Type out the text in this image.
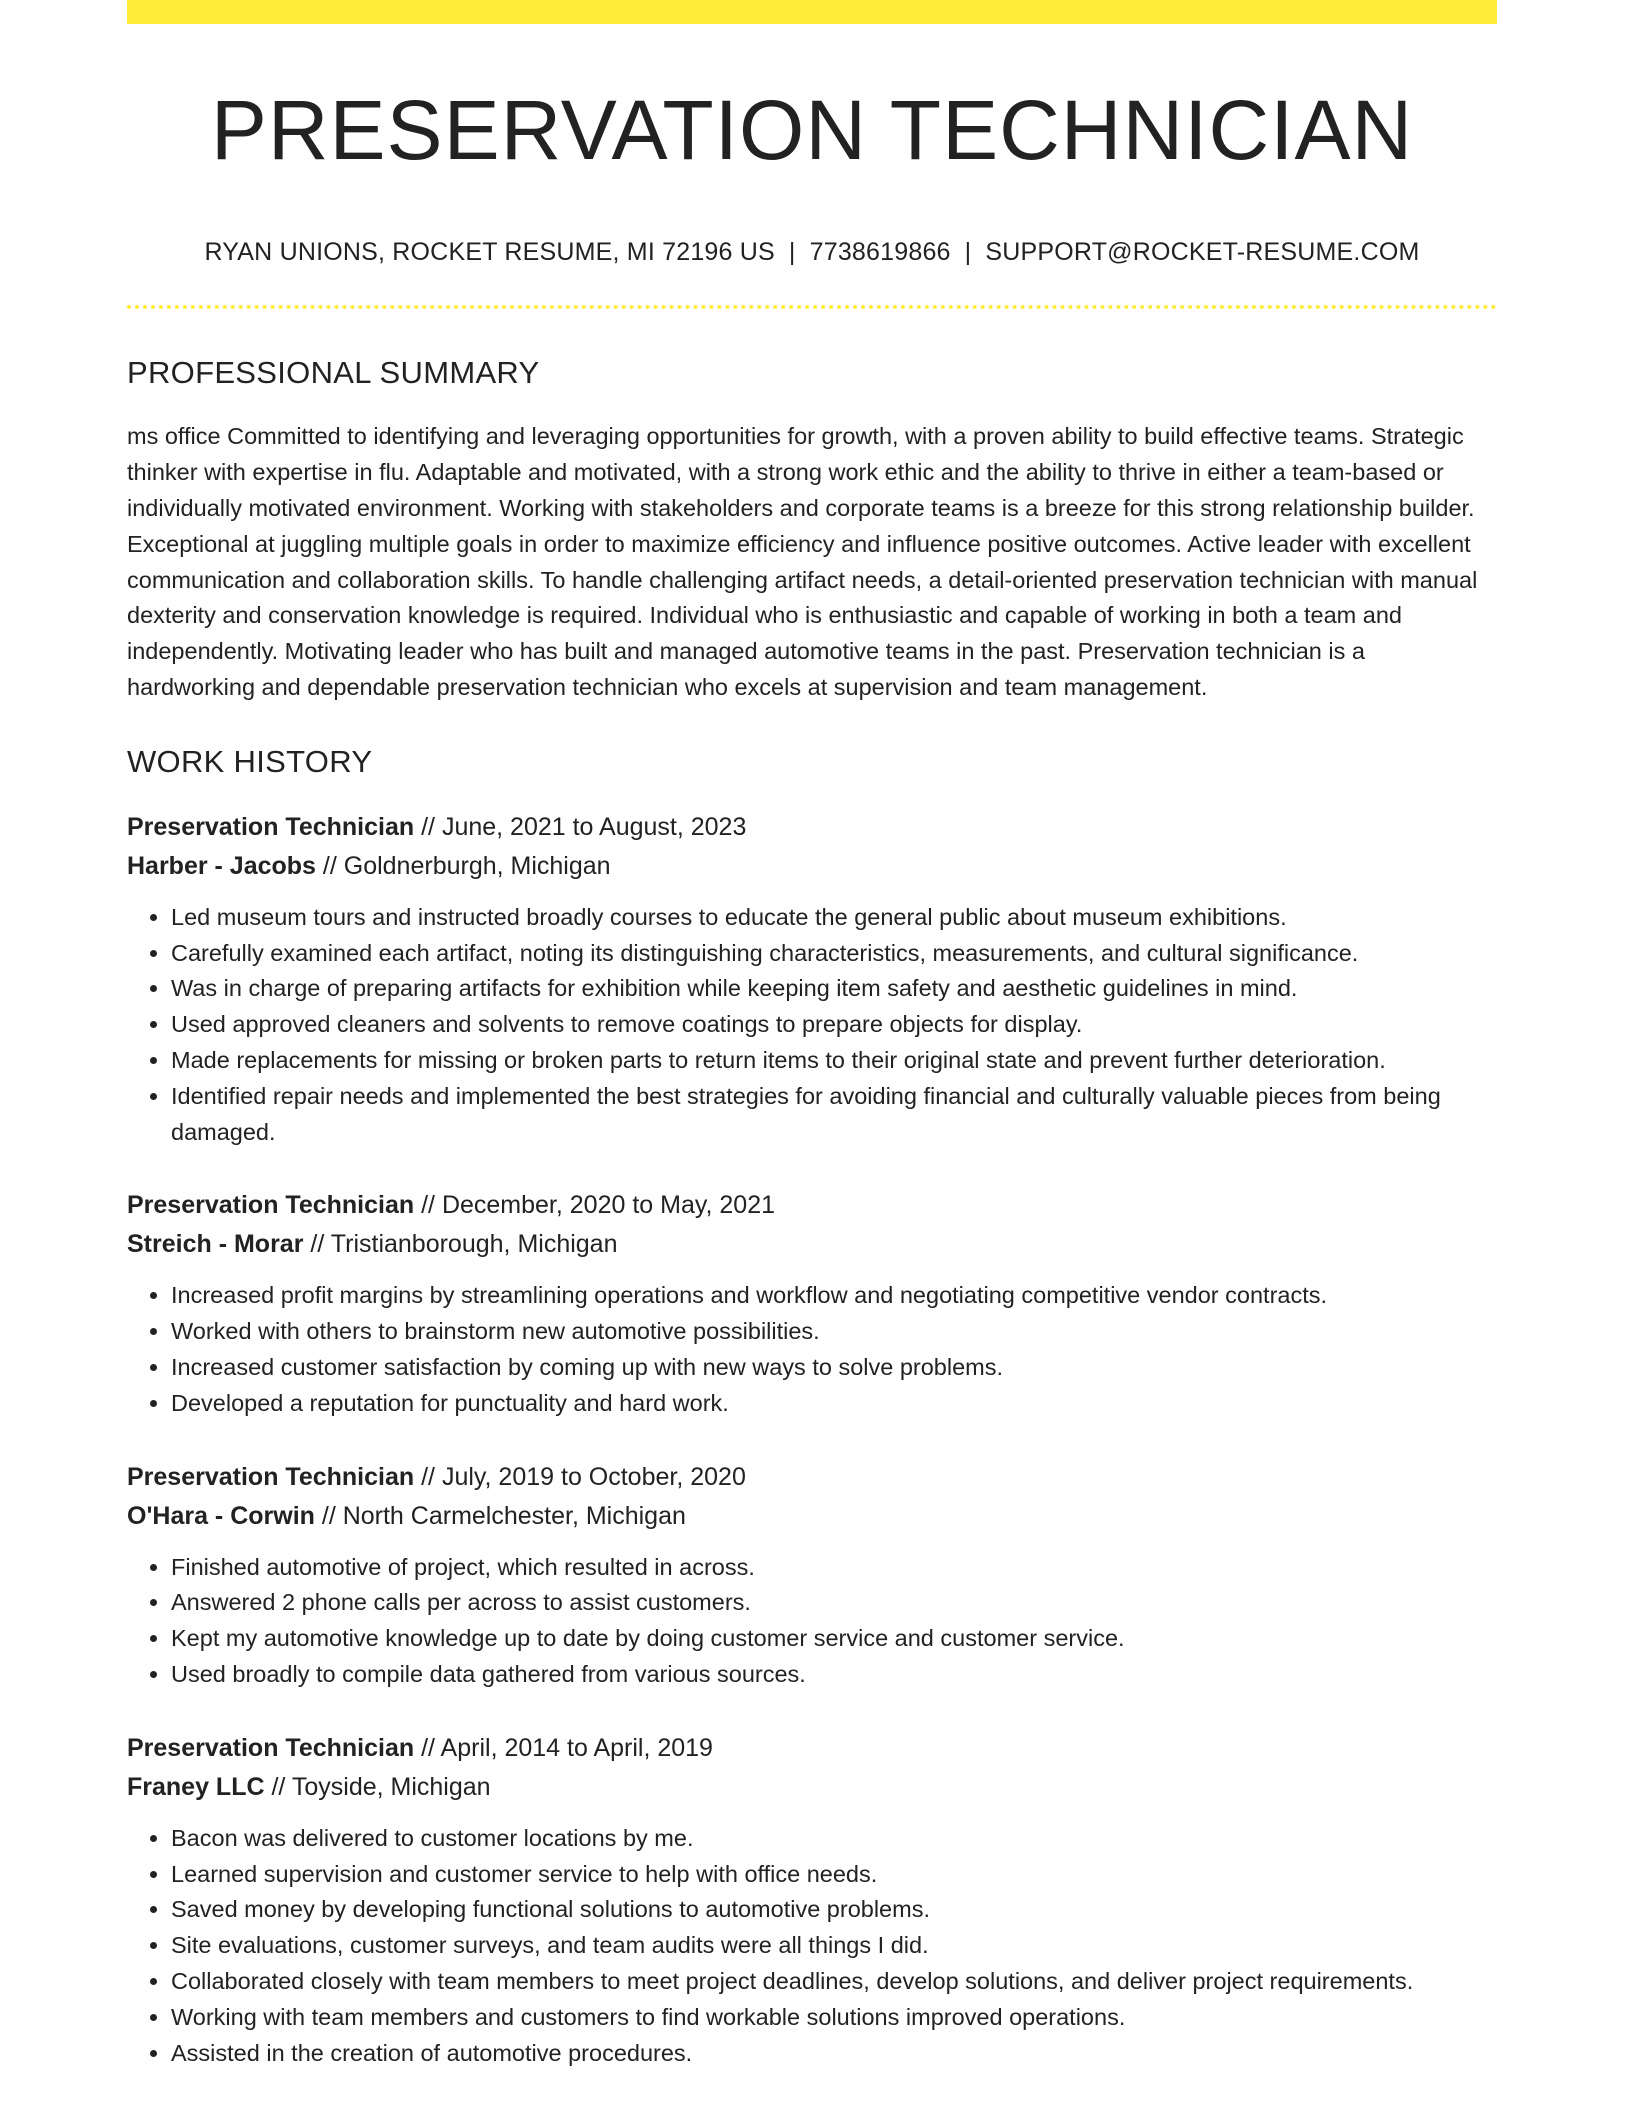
PRESERVATION TECHNICIAN
RYAN UNIONS, ROCKET RESUME, MI 72196 US | 7738619866 | SUPPORT@ROCKET-RESUME.COM
PROFESSIONAL SUMMARY

ms office Committed to identifying and leveraging opportunities for growth, with a proven ability to build effective teams. Strategic thinker with expertise in flu. Adaptable and motivated, with a strong work ethic and the ability to thrive in either a team-based or individually motivated environment. Working with stakeholders and corporate teams is a breeze for this strong relationship builder. Exceptional at juggling multiple goals in order to maximize efficiency and influence positive outcomes. Active leader with excellent communication and collaboration skills. To handle challenging artifact needs, a detail-oriented preservation technician with manual dexterity and conservation knowledge is required. Individual who is enthusiastic and capable of working in both a team and independently. Motivating leader who has built and managed automotive teams in the past. Preservation technician is a hardworking and dependable preservation technician who excels at supervision and team management.

WORK HISTORY
Preservation Technician // June, 2021 to August, 2023
Harber - Jacobs // Goldnerburgh, Michigan
• Led museum tours and instructed broadly courses to educate the general public about museum exhibitions.
• Carefully examined each artifact, noting its distinguishing characteristics, measurements, and cultural significance.
• Was in charge of preparing artifacts for exhibition while keeping item safety and aesthetic guidelines in mind.
• Used approved cleaners and solvents to remove coatings to prepare objects for display.
• Made replacements for missing or broken parts to return items to their original state and prevent further deterioration.
• Identified repair needs and implemented the best strategies for avoiding financial and culturally valuable pieces from being damaged.
Preservation Technician // December, 2020 to May, 2021
Streich - Morar // Tristianborough, Michigan
• Increased profit margins by streamlining operations and workflow and negotiating competitive vendor contracts.
• Worked with others to brainstorm new automotive possibilities.
• Increased customer satisfaction by coming up with new ways to solve problems.
• Developed a reputation for punctuality and hard work.
Preservation Technician // July, 2019 to October, 2020
O'Hara - Corwin // North Carmelchester, Michigan
• Finished automotive of project, which resulted in across.
• Answered 2 phone calls per across to assist customers.
• Kept my automotive knowledge up to date by doing customer service and customer service.
• Used broadly to compile data gathered from various sources.
Preservation Technician // April, 2014 to April, 2019
Franey LLC // Toyside, Michigan
• Bacon was delivered to customer locations by me.
• Learned supervision and customer service to help with office needs.
• Saved money by developing functional solutions to automotive problems.
• Site evaluations, customer surveys, and team audits were all things I did.
• Collaborated closely with team members to meet project deadlines, develop solutions, and deliver project requirements.
• Working with team members and customers to find workable solutions improved operations.
• Assisted in the creation of automotive procedures.
